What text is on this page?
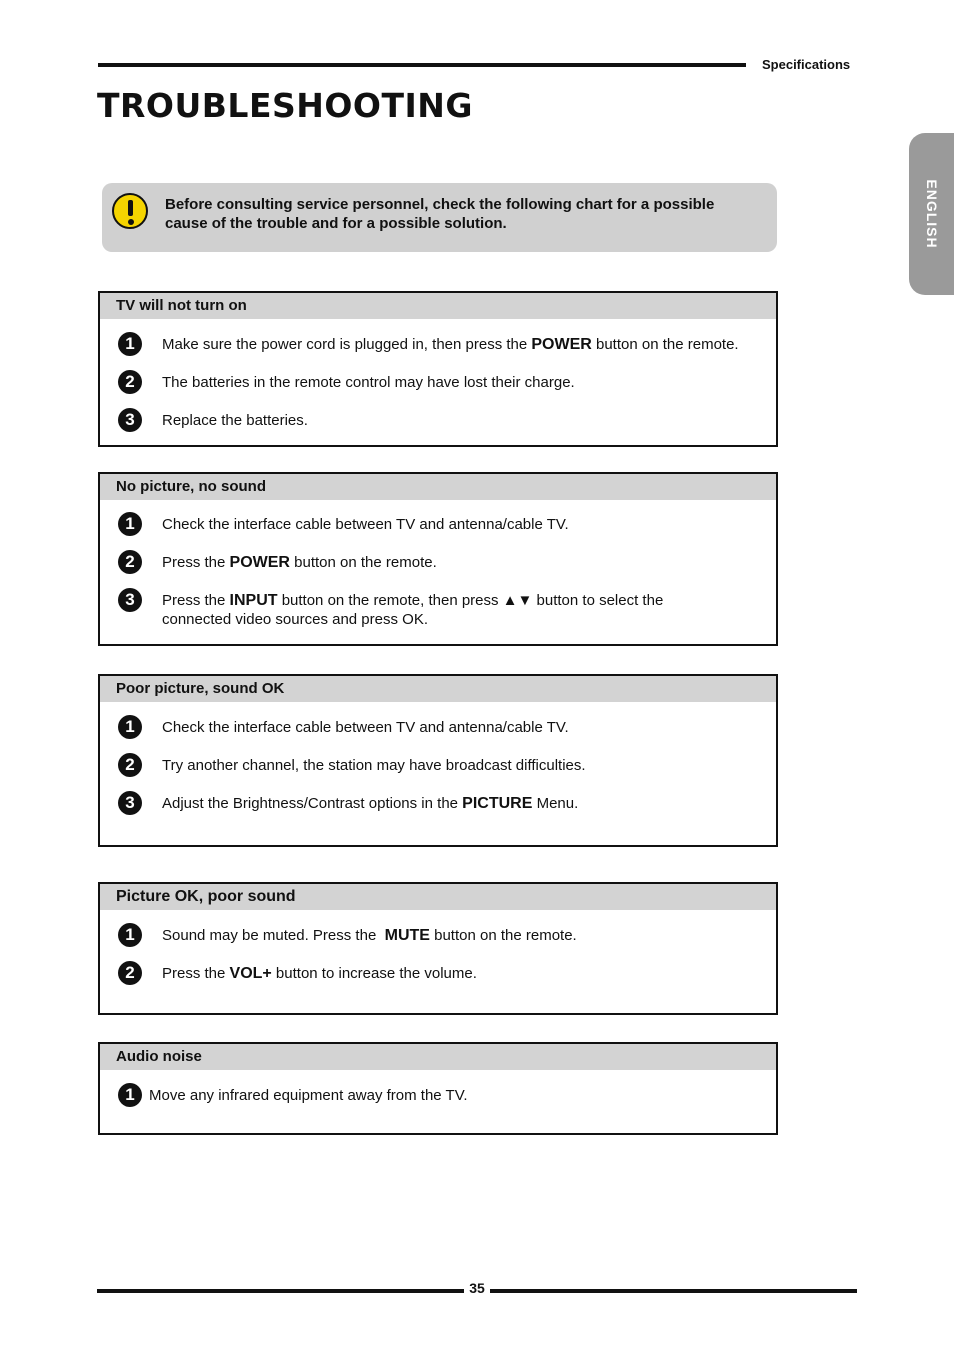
Specifications
TROUBLESHOOTING
ENGLISH
Before consulting service personnel, check the following chart for a possible
cause of the trouble and for a possible solution.
TV will not turn on
1	Make sure the power cord is plugged in, then press the POWER button on the remote.
2	The batteries in the remote control may have lost their charge.
3	Replace the batteries.
No picture, no sound
1	Check the interface cable between TV and antenna/cable TV.
2	Press the POWER button on the remote.
3	Press the INPUT button on the remote, then press ▲▼ button to select the
connected video sources and press OK.
Poor picture, sound OK
1	Check the interface cable between TV and antenna/cable TV.
2	Try another channel, the station may have broadcast difficulties.
3	Adjust the Brightness/Contrast options in the PICTURE Menu.
Picture OK, poor sound
1	Sound may be muted. Press the  MUTE button on the remote.
2	Press the VOL+ button to increase the volume.
Audio noise
1 Move any infrared equipment away from the TV.
35
